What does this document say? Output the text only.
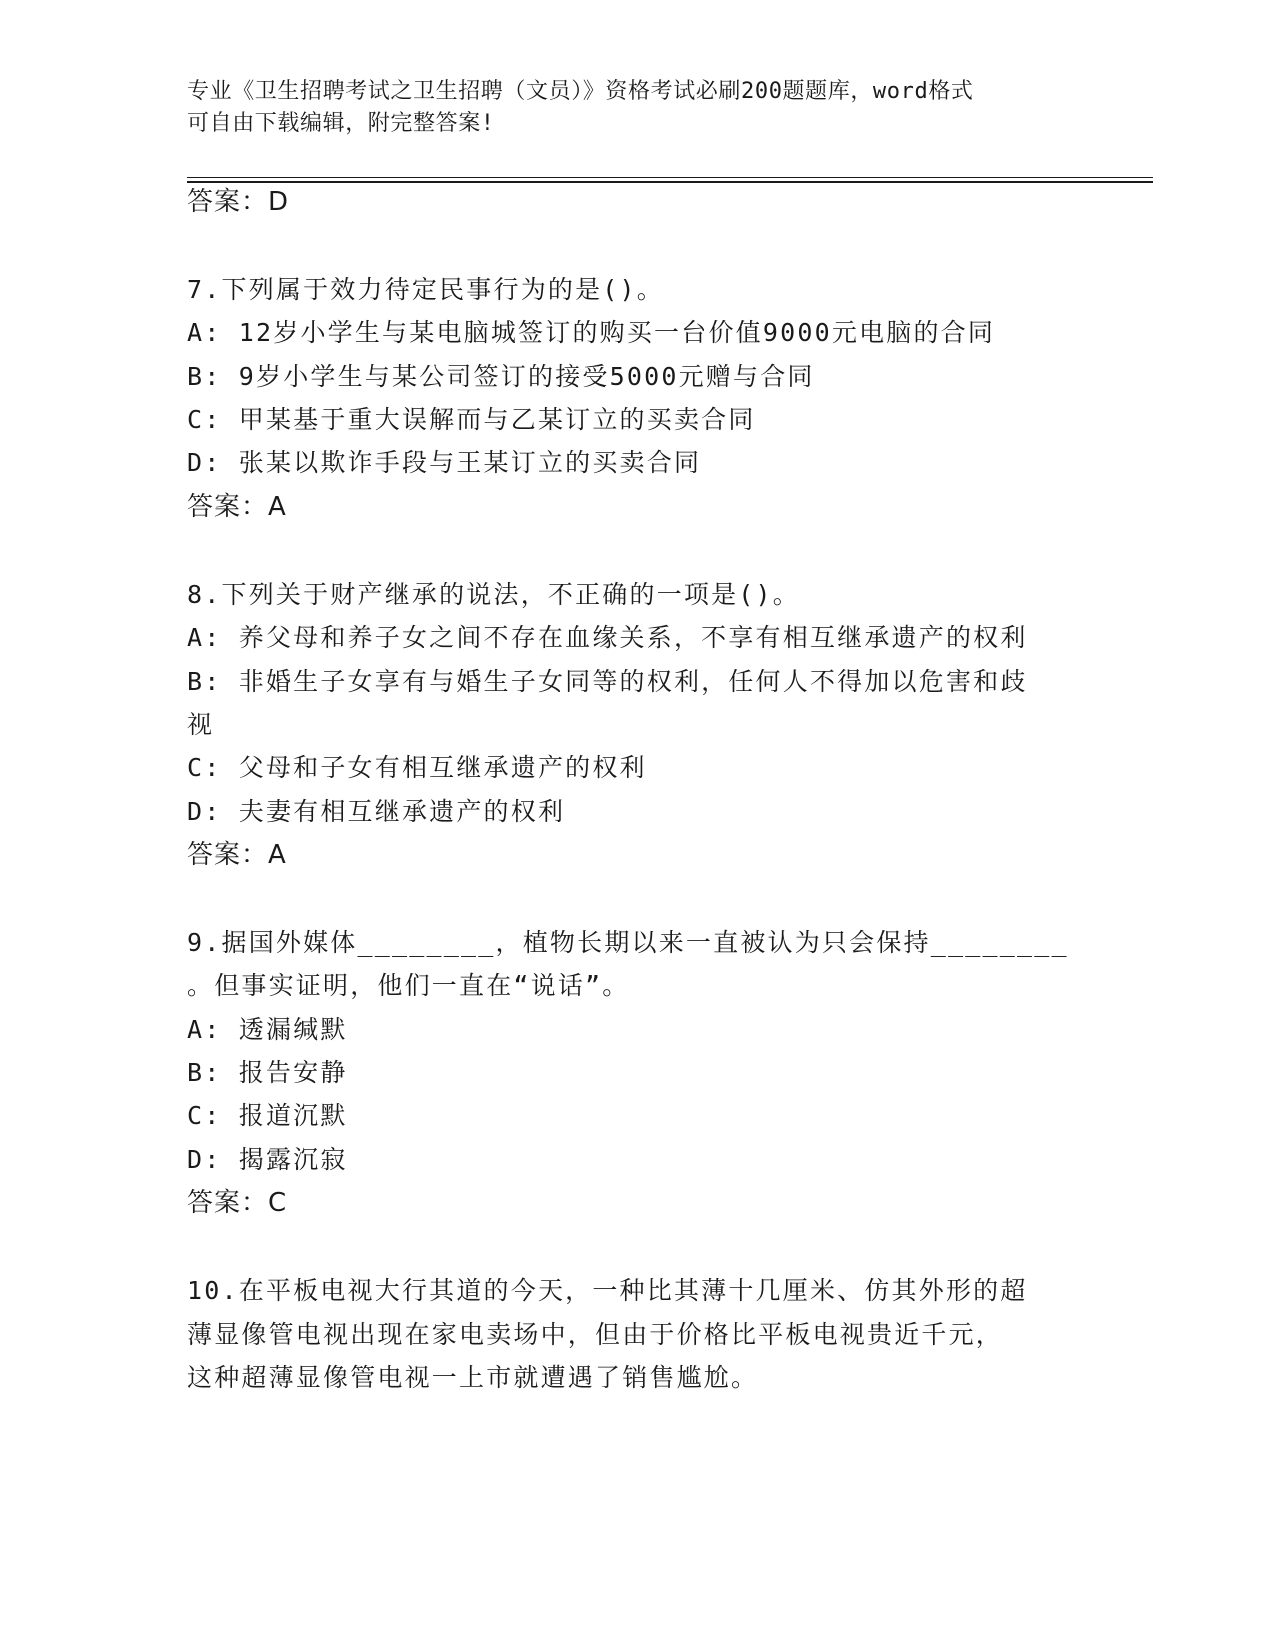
专业《卫生招聘考试之卫生招聘（文员）》资格考试必刷200题题库，word格式
可自由下载编辑，附完整答案!
答案：D
7.下列属于效力待定民事行为的是()。
A: 12岁小学生与某电脑城签订的购买一台价值9000元电脑的合同
B: 9岁小学生与某公司签订的接受5000元赠与合同
C: 甲某基于重大误解而与乙某订立的买卖合同
D: 张某以欺诈手段与王某订立的买卖合同
答案：A
8.下列关于财产继承的说法，不正确的一项是()。
A: 养父母和养子女之间不存在血缘关系，不享有相互继承遗产的权利
B: 非婚生子女享有与婚生子女同等的权利，任何人不得加以危害和歧
视
C: 父母和子女有相互继承遗产的权利
D: 夫妻有相互继承遗产的权利
答案：A
9.据国外媒体________，植物长期以来一直被认为只会保持________
。但事实证明，他们一直在“说话”。
A: 透漏缄默
B: 报告安静
C: 报道沉默
D: 揭露沉寂
答案：C
10.在平板电视大行其道的今天，一种比其薄十几厘米、仿其外形的超
薄显像管电视出现在家电卖场中，但由于价格比平板电视贵近千元，
这种超薄显像管电视一上市就遭遇了销售尴尬。
